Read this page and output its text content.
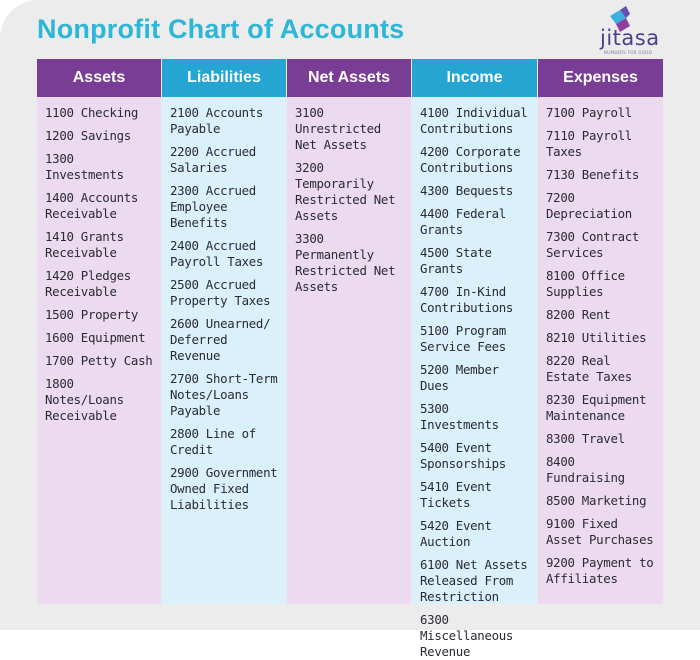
Nonprofit Chart of Accounts	jitasa
NUMBERS FOR GOOD
Assets
1100 Checking
1200 Savings
1300 Investments
1400 Accounts Receivable
1410 Grants Receivable
1420 Pledges Receivable
1500 Property
1600 Equipment
1700 Petty Cash
1800 Notes/Loans Receivable
Liabilities
2100 Accounts Payable
2200 Accrued Salaries
2300 Accrued Employee Benefits
2400 Accrued Payroll Taxes
2500 Accrued Property Taxes
2600 Unearned/ Deferred Revenue
2700 Short-Term Notes/Loans Payable
2800 Line of Credit
2900 Government Owned Fixed Liabilities
Net Assets
3100 Unrestricted Net Assets
3200 Temporarily Restricted Net Assets
3300 Permanently Restricted Net Assets
Income
4100 Individual Contributions
4200 Corporate Contributions
4300 Bequests
4400 Federal Grants
4500 State Grants
4700 In-Kind Contributions
5100 Program Service Fees
5200 Member Dues
5300 Investments
5400 Event Sponsorships
5410 Event Tickets
5420 Event Auction
6100 Net Assets Released From Restriction
6300 Miscellaneous Revenue
Expenses
7100 Payroll
7110 Payroll Taxes
7130 Benefits
7200 Depreciation
7300 Contract Services
8100 Office Supplies
8200 Rent
8210 Utilities
8220 Real Estate Taxes
8230 Equipment Maintenance
8300 Travel
8400 Fundraising
8500 Marketing
9100 Fixed Asset Purchases
9200 Payment to Affiliates
